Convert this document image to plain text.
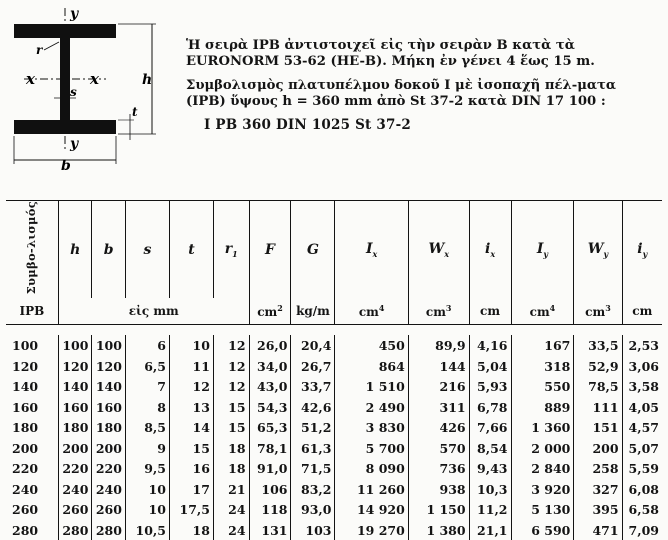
y
y
x	x	h
b
s
t
r	Ἡ σειρὰ IPB ἀντιστοιχεῖ εἰς τὴν σειρὰν B κατὰ τὰ EURONORM 53-62 (HE-B). Μήκη ἐν γένει 4 ἕως 15 m.

Συμβολισμὸς πλατυπέλμου δοκοῦ I μὲ ἰσοπαχῆ πέλ-ματα (IPB) ὕψους h = 360 mm ἀπὸ St 37-2 κατὰ DIN 17 100 :

I PB 360 DIN 1025 St 37-2

Συμβο-λισμός	h	b	s	t	$r_1$	F	G	$I_x$	$W_x$	$i_x$	$I_y$	$W_y$	$i_y$
IPB	εἰς mm					$cm^2$	kg/m	$cm^4$	$cm^3$	cm	$cm^4$	$cm^3$	cm

100	100	100	6	10	12	26,0	20,4	450	89,9	4,16	167	33,5	2,53
120	120	120	6,5	11	12	34,0	26,7	864	144	5,04	318	52,9	3,06
140	140	140	7	12	12	43,0	33,7	1 510	216	5,93	550	78,5	3,58
160	160	160	8	13	15	54,3	42,6	2 490	311	6,78	889	111	4,05
180	180	180	8,5	14	15	65,3	51,2	3 830	426	7,66	1 360	151	4,57
200	200	200	9	15	18	78,1	61,3	5 700	570	8,54	2 000	200	5,07
220	220	220	9,5	16	18	91,0	71,5	8 090	736	9,43	2 840	258	5,59
240	240	240	10	17	21	106	83,2	11 260	938	10,3	3 920	327	6,08
260	260	260	10	17,5	24	118	93,0	14 920	1 150	11,2	5 130	395	6,58
280	280	280	10,5	18	24	131	103	19 270	1 380	21,1	6 590	471	7,09
